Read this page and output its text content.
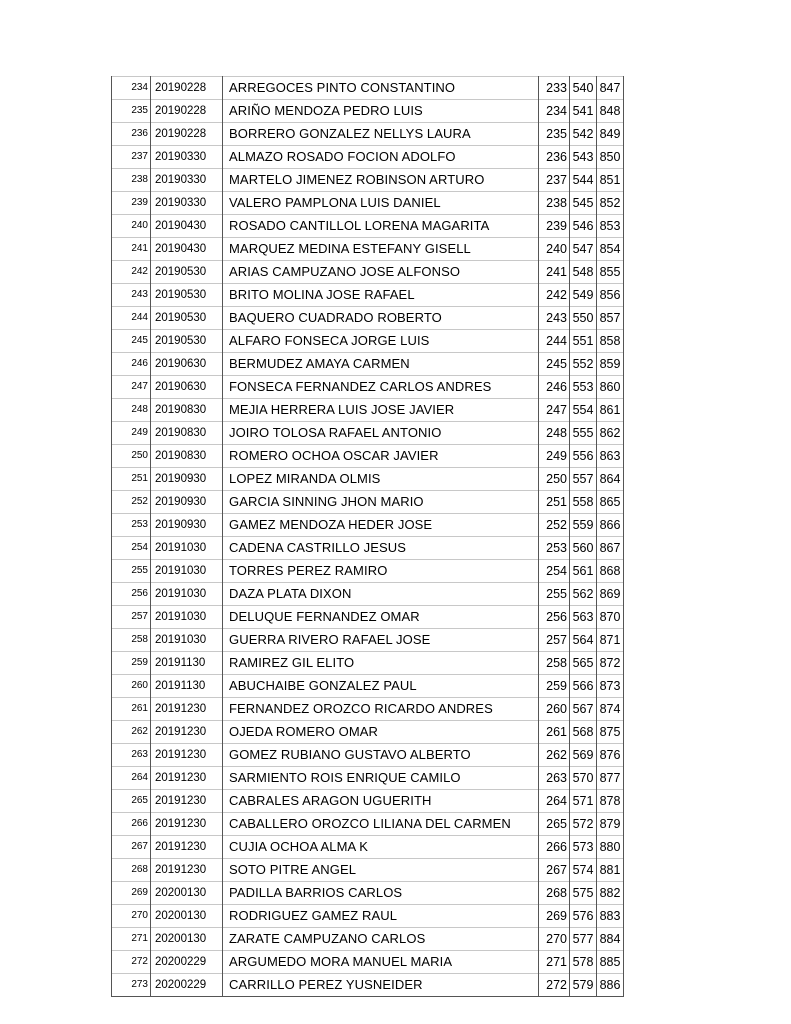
234	20190228	ARREGOCES PINTO CONSTANTINO	233	540	847
235	20190228	ARIÑO MENDOZA PEDRO LUIS	234	541	848
236	20190228	BORRERO GONZALEZ NELLYS LAURA	235	542	849
237	20190330	ALMAZO ROSADO FOCION ADOLFO	236	543	850
238	20190330	MARTELO JIMENEZ ROBINSON ARTURO	237	544	851
239	20190330	VALERO PAMPLONA LUIS DANIEL	238	545	852
240	20190430	ROSADO CANTILLOL LORENA MAGARITA	239	546	853
241	20190430	MARQUEZ MEDINA ESTEFANY GISELL	240	547	854
242	20190530	ARIAS CAMPUZANO JOSE ALFONSO	241	548	855
243	20190530	BRITO MOLINA JOSE RAFAEL	242	549	856
244	20190530	BAQUERO CUADRADO ROBERTO	243	550	857
245	20190530	ALFARO FONSECA JORGE LUIS	244	551	858
246	20190630	BERMUDEZ AMAYA CARMEN	245	552	859
247	20190630	FONSECA FERNANDEZ CARLOS ANDRES	246	553	860
248	20190830	MEJIA HERRERA LUIS JOSE JAVIER	247	554	861
249	20190830	JOIRO TOLOSA RAFAEL ANTONIO	248	555	862
250	20190830	ROMERO OCHOA OSCAR JAVIER	249	556	863
251	20190930	LOPEZ MIRANDA OLMIS	250	557	864
252	20190930	GARCIA SINNING JHON MARIO	251	558	865
253	20190930	GAMEZ MENDOZA HEDER JOSE	252	559	866
254	20191030	CADENA CASTRILLO JESUS	253	560	867
255	20191030	TORRES PEREZ RAMIRO	254	561	868
256	20191030	DAZA PLATA DIXON	255	562	869
257	20191030	DELUQUE FERNANDEZ OMAR	256	563	870
258	20191030	GUERRA RIVERO RAFAEL JOSE	257	564	871
259	20191130	RAMIREZ GIL ELITO	258	565	872
260	20191130	ABUCHAIBE GONZALEZ PAUL	259	566	873
261	20191230	FERNANDEZ OROZCO RICARDO ANDRES	260	567	874
262	20191230	OJEDA ROMERO OMAR	261	568	875
263	20191230	GOMEZ RUBIANO GUSTAVO ALBERTO	262	569	876
264	20191230	SARMIENTO ROIS ENRIQUE CAMILO	263	570	877
265	20191230	CABRALES ARAGON UGUERITH	264	571	878
266	20191230	CABALLERO OROZCO LILIANA DEL CARMEN	265	572	879
267	20191230	CUJIA OCHOA ALMA K	266	573	880
268	20191230	SOTO PITRE ANGEL	267	574	881
269	20200130	PADILLA BARRIOS CARLOS	268	575	882
270	20200130	RODRIGUEZ GAMEZ RAUL	269	576	883
271	20200130	ZARATE CAMPUZANO CARLOS	270	577	884
272	20200229	ARGUMEDO MORA MANUEL MARIA	271	578	885
273	20200229	CARRILLO PEREZ YUSNEIDER	272	579	886
